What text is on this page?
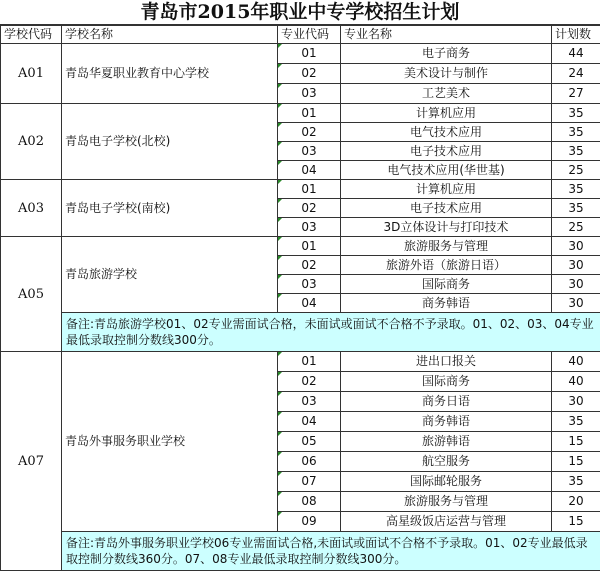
青岛市2015年职业中专学校招生计划
学校代码	学校名称	专业代码	专业名称	计划数
A01	青岛华夏职业教育中心学校	01	电子商务	44
		02	美术设计与制作	24
		03	工艺美术	27
A02	青岛电子学校(北校)	01	计算机应用	35
		02	电气技术应用	35
		03	电子技术应用	35
		04	电气技术应用(华世基)	25
A03	青岛电子学校(南校)	01	计算机应用	35
		02	电子技术应用	35
		03	3D立体设计与打印技术	25
A05	青岛旅游学校	01	旅游服务与管理	30
		02	旅游外语（旅游日语）	30
		03	国际商务	30
		04	商务韩语	30
	备注:青岛旅游学校01、02专业需面试合格，未面试或面试不合格不予录取。01、02、03、04专业最低录取控制分数线300分。			
A07	青岛外事服务职业学校	01	进出口报关	40
		02	国际商务	40
		03	商务日语	30
		04	商务韩语	35
		05	旅游韩语	15
		06	航空服务	15
		07	国际邮轮服务	35
		08	旅游服务与管理	20
		09	高星级饭店运营与管理	15
	备注:青岛外事服务职业学校06专业需面试合格,未面试或面试不合格不予录取。01、02专业最低录取控制分数线360分。07、08专业最低录取控制分数线300分。			
